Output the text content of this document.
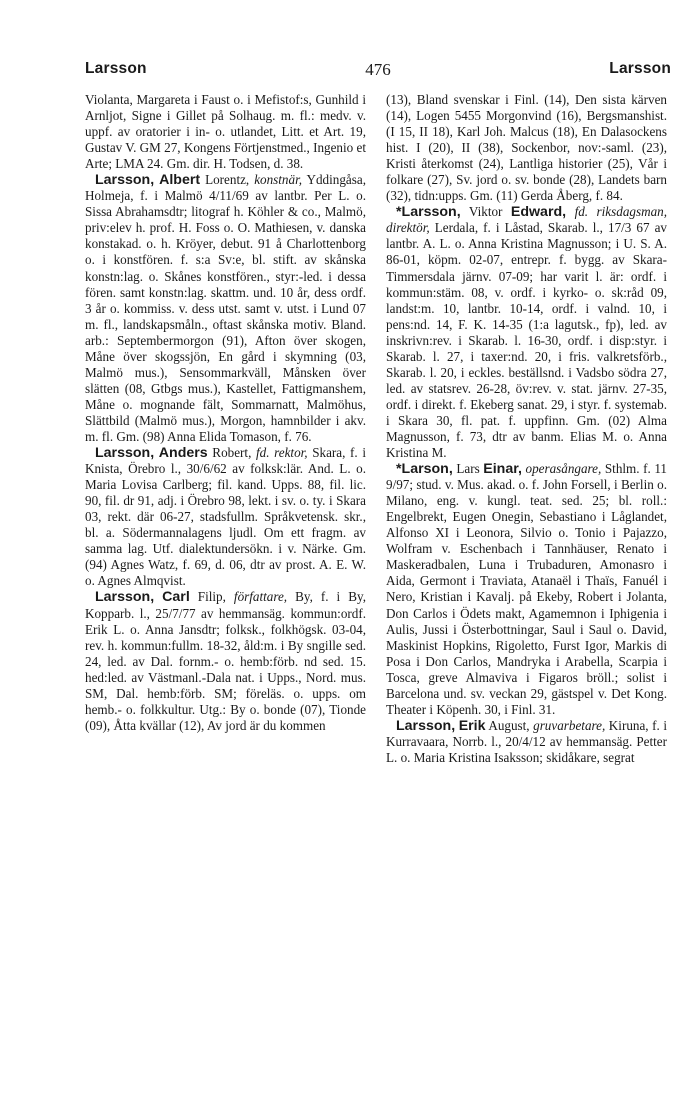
Larsson	476	Larsson

Violanta, Margareta i Faust o. i Mefistof:s, Gunhild i Arnljot, Signe i Gillet på Solhaug. m. fl.: medv. v. uppf. av oratorier i in- o. utlandet, Litt. et Art. 19, Gustav V. GM 27, Kongens Förtjenstmed., Ingenio et Arte; LMA 24. Gm. dir. H. Todsen, d. 38.

Larsson, Albert Lorentz, konstnär, Yddingåsa, Holmeja, f. i Malmö 4/11/69 av lantbr. Per L. o. Sissa Abrahamsdtr; litograf h. Köhler & co., Malmö, priv:elev h. prof. H. Foss o. O. Mathiesen, v. danska konstakad. o. h. Kröyer, debut. 91 å Charlottenborg o. i konstfören. f. s:a Sv:e, bl. stift. av skånska konstn:lag. o. Skånes konstfören., styr:-led. i dessa fören. samt konstn:lag. skattm. und. 10 år, dess ordf. 3 år o. kommiss. v. dess utst. samt v. utst. i Lund 07 m. fl., landskapsmåln., oftast skånska motiv. Bland. arb.: Septembermorgon (91), Afton över skogen, Måne över skogssjön, En gård i skymning (03, Malmö mus.), Sensommarkväll, Månsken över slätten (08, Gtbgs mus.), Kastellet, Fattigmanshem, Måne o. mognande fält, Sommarnatt, Malmöhus, Slättbild (Malmö mus.), Morgon, hamnbilder i akv. m. fl. Gm. (98) Anna Elida Tomason, f. 76.

Larsson, Anders Robert, fd. rektor, Skara, f. i Knista, Örebro l., 30/6/62 av folksk:lär. And. L. o. Maria Lovisa Carlberg; fil. kand. Upps. 88, fil. lic. 90, fil. dr 91, adj. i Örebro 98, lekt. i sv. o. ty. i Skara 03, rekt. där 06-27, stadsfullm. Språkvetensk. skr., bl. a. Södermannalagens ljudl. Om ett fragm. av samma lag. Utf. dialektundersökn. i v. Närke. Gm. (94) Agnes Watz, f. 69, d. 06, dtr av prost. A. E. W. o. Agnes Almqvist.

Larsson, Carl Filip, författare, By, f. i By, Kopparb. l., 25/7/77 av hemmansäg. kommun:ordf. Erik L. o. Anna Jansdtr; folksk., folkhögsk. 03-04, rev. h. kommun:fullm. 18-32, åld:m. i By sngille sed. 24, led. av Dal. fornm.- o. hemb:förb. nd sed. 15. hed:led. av Västmanl.-Dala nat. i Upps., Nord. mus. SM, Dal. hemb:förb. SM; föreläs. o. upps. om hemb.- o. folkkultur. Utg.: By o. bonde (07), Tionde (09), Åtta kvällar (12), Av jord är du kommen

(13), Bland svenskar i Finl. (14), Den sista kärven (14), Logen 5455 Morgonvind (16), Bergsmanshist. (I 15, II 18), Karl Joh. Malcus (18), En Dalasockens hist. I (20), II (38), Sockenbor, nov:-saml. (23), Kristi återkomst (24), Lantliga historier (25), Vår i folkare (27), Sv. jord o. sv. bonde (28), Landets barn (32), tidn:upps. Gm. (11) Gerda Åberg, f. 84.

*Larsson, Viktor Edward, fd. riksdagsman, direktör, Lerdala, f. i Låstad, Skarab. l., 17/3 67 av lantbr. A. L. o. Anna Kristina Magnusson; i U. S. A. 86-01, köpm. 02-07, entrepr. f. bygg. av Skara-Timmersdala järnv. 07-09; har varit l. är: ordf. i kommun:stäm. 08, v. ordf. i kyrko- o. sk:råd 09, landst:m. 10, lantbr. 10-14, ordf. i valnd. 10, i pens:nd. 14, F. K. 14-35 (1:a lagutsk., fp), led. av inskrivn:rev. i Skarab. l. 16-30, ordf. i disp:styr. i Skarab. l. 27, i taxer:nd. 20, i fris. valkretsförb., Skarab. l. 20, i eckles. beställsnd. i Vadsbo södra 27, led. av statsrev. 26-28, öv:rev. v. stat. järnv. 27-35, ordf. i direkt. f. Ekeberg sanat. 29, i styr. f. systemab. i Skara 30, fl. pat. f. uppfinn. Gm. (02) Alma Magnusson, f. 73, dtr av banm. Elias M. o. Anna Kristina M.

*Larson, Lars Einar, operasångare, Sthlm. f. 11 9/97; stud. v. Mus. akad. o. f. John Forsell, i Berlin o. Milano, eng. v. kungl. teat. sed. 25; bl. roll.: Engelbrekt, Eugen Onegin, Sebastiano i Låglandet, Alfonso XI i Leonora, Silvio o. Tonio i Pajazzo, Wolfram v. Eschenbach i Tannhäuser, Renato i Maskeradbalen, Luna i Trubaduren, Amonasro i Aida, Germont i Traviata, Atanaël i Thaïs, Fanuél i Nero, Kristian i Kavalj. på Ekeby, Robert i Jolanta, Don Carlos i Ödets makt, Agamemnon i Iphigenia i Aulis, Jussi i Österbottningar, Saul i Saul o. David, Maskinist Hopkins, Rigoletto, Furst Igor, Markis di Posa i Don Carlos, Mandryka i Arabella, Scarpia i Tosca, greve Almaviva i Figaros bröll.; solist i Barcelona und. sv. veckan 29, gästspel v. Det Kong. Theater i Köpenh. 30, i Finl. 31.

Larsson, Erik August, gruvarbetare, Kiruna, f. i Kurravaara, Norrb. l., 20/4/12 av hemmansäg. Petter L. o. Maria Kristina Isaksson; skidåkare, segrat
